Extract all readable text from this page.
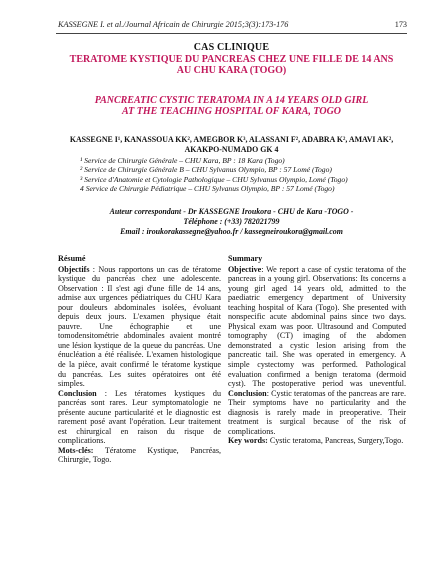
KASSEGNE I. et al./Journal Africain de Chirurgie 2015;3(3):173-176	173
CAS CLINIQUE
TERATOME KYSTIQUE DU PANCREAS CHEZ UNE FILLE DE 14 ANS
AU CHU KARA (TOGO)
PANCREATIC CYSTIC TERATOMA IN A 14 YEARS OLD GIRL
AT THE TEACHING HOSPITAL OF KARA, TOGO
KASSEGNE I¹, KANASSOUA KK², AMEGBOR K³, ALASSANI F², ADABRA K², AMAVI AK²,
AKAKPO-NUMADO GK 4
¹ Service de Chirurgie Générale – CHU Kara, BP : 18 Kara (Togo)
² Service de Chirurgie Générale B – CHU Sylvanus Olympio, BP : 57 Lomé (Togo)
³ Service d'Anatomie et Cytologie Pathologique – CHU Sylvanus Olympio, Lomé (Togo)
4 Service de Chirurgie Pédiatrique – CHU Sylvanus Olympio, BP : 57 Lomé (Togo)
Auteur correspondant - Dr KASSEGNE Iroukora - CHU de Kara -TOGO -
Téléphone : (+33) 782021799
Email : iroukorakassegne@yahoo.fr / kassegneiroukora@gmail.com
Résumé

Objectifs : Nous rapportons un cas de tératome kystique du pancréas chez une adolescente. Observation : Il s'est agi d'une fille de 14 ans, admise aux urgences pédiatriques du CHU Kara pour douleurs abdominales isolées, évoluant depuis deux jours. L'examen physique était pauvre. Une échographie et une tomodensitométrie abdominales avaient montré une lésion kystique de la queue du pancréas. Une énucléation a été réalisée. L'examen histologique de la pièce, avait confirmé le tératome kystique du pancréas. Les suites opératoires ont été simples.

Conclusion : Les tératomes kystiques du pancréas sont rares. Leur symptomatologie ne présente aucune particularité et le diagnostic est rarement posé avant l'opération. Leur traitement est chirurgical en raison du risque de complications.

Mots-clés: Tératome Kystique, Pancréas, Chirurgie, Togo.

Summary

Objective: We report a case of cystic teratoma of the pancreas in a young girl. Observations: Its concerns a young girl aged 14 years old, admitted to the paediatric emergency department of University teaching hospital of Kara (Togo). She presented with nonspecific acute abdominal pains since two days. Physical exam was poor. Ultrasound and Computed tomography (CT) imaging of the abdomen demonstrated a cystic lesion arising from the pancreatic tail. She was operated in emergency. A simple cystectomy was performed. Pathological evaluation confirmed a benign teratoma (dermoid cyst). The postoperative period was uneventful. Conclusion: Cystic teratomas of the pancreas are rare. Their symptoms have no particularity and the diagnosis is rarely made in preoperative. Their treatment is surgical because of the risk of complications.

Key words: Cystic teratoma, Pancreas, Surgery,Togo.
